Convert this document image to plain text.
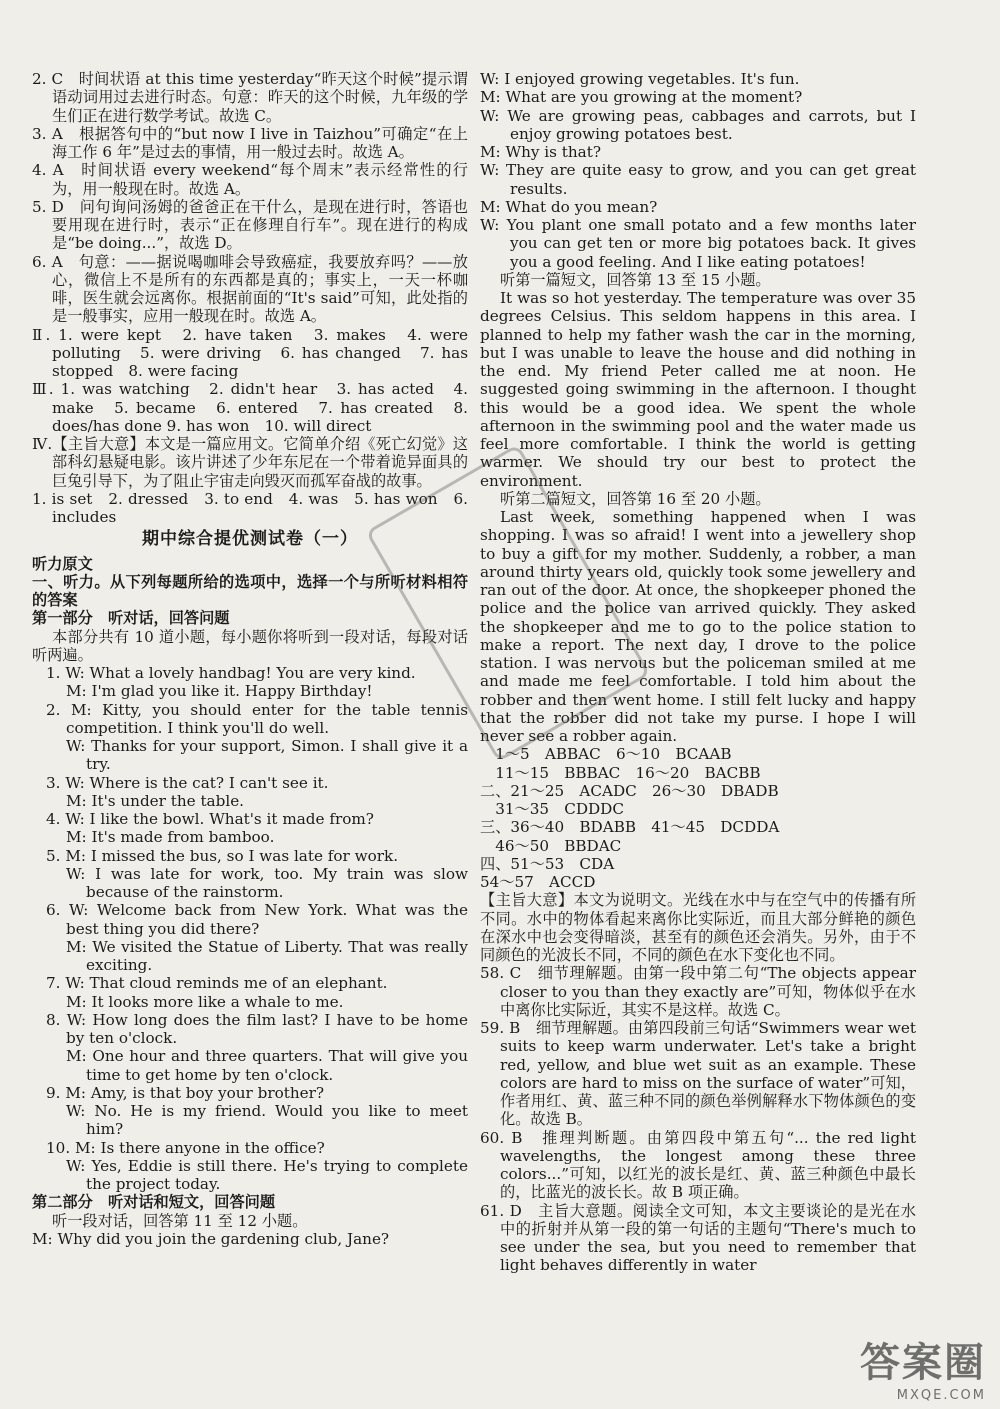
2. C　时间状语 at this time yesterday“昨天这个时候”提示谓语动词用过去进行时态。句意：昨天的这个时候，九年级的学生们正在进行数学考试。故选 C。

3. A　根据答句中的“but now I live in Taizhou”可确定“在上海工作 6 年”是过去的事情，用一般过去时。故选 A。

4. A　时间状语 every weekend“每个周末”表示经常性的行为，用一般现在时。故选 A。

5. D　问句询问汤姆的爸爸正在干什么，是现在进行时，答语也要用现在进行时，表示“正在修理自行车”。现在进行的构成是“be doing...”，故选 D。

6. A　句意：——据说喝咖啡会导致癌症，我要放弃吗？——放心，微信上不是所有的东西都是真的；事实上，一天一杯咖啡，医生就会远离你。根据前面的“It's said”可知，此处指的是一般事实，应用一般现在时。故选 A。

Ⅱ. 1. were kept　2. have taken　3. makes　4. were polluting　5. were driving　6. has changed　7. has stopped　8. were facing

Ⅲ. 1. was watching　2. didn't hear　3. has acted　4. make　5. became　6. entered　7. has created　8. does/has done 9. has won　10. will direct

Ⅳ.【主旨大意】本文是一篇应用文。它简单介绍《死亡幻觉》这部科幻悬疑电影。该片讲述了少年东尼在一个带着诡异面具的巨兔引导下，为了阻止宇宙走向毁灭而孤军奋战的故事。

1. is set　2. dressed　3. to end　4. was　5. has won　6. includes

期中综合提优测试卷（一）

听力原文

一、听力。从下列每题所给的选项中，选择一个与所听材料相符的答案

第一部分　听对话，回答问题

本部分共有 10 道小题，每小题你将听到一段对话，每段对话听两遍。

1. W: What a lovely handbag! You are very kind.

M: I'm glad you like it. Happy Birthday!

2. M: Kitty, you should enter for the table tennis competition. I think you'll do well.

W: Thanks for your support, Simon. I shall give it a try.

3. W: Where is the cat? I can't see it.

M: It's under the table.

4. W: I like the bowl. What's it made from?

M: It's made from bamboo.

5. M: I missed the bus, so I was late for work.

W: I was late for work, too. My train was slow because of the rainstorm.

6. W: Welcome back from New York. What was the best thing you did there?

M: We visited the Statue of Liberty. That was really exciting.

7. W: That cloud reminds me of an elephant.

M: It looks more like a whale to me.

8. W: How long does the film last? I have to be home by ten o'clock.

M: One hour and three quarters. That will give you time to get home by ten o'clock.

9. M: Amy, is that boy your brother?

W: No. He is my friend. Would you like to meet him?

10. M: Is there anyone in the office?

W: Yes, Eddie is still there. He's trying to complete the project today.

第二部分　听对话和短文，回答问题

听一段对话，回答第 11 至 12 小题。

M: Why did you join the gardening club, Jane?

W: I enjoyed growing vegetables. It's fun.

M: What are you growing at the moment?

W: We are growing peas, cabbages and carrots, but I enjoy growing potatoes best.

M: Why is that?

W: They are quite easy to grow, and you can get great results.

M: What do you mean?

W: You plant one small potato and a few months later you can get ten or more big potatoes back. It gives you a good feeling. And I like eating potatoes!

听第一篇短文，回答第 13 至 15 小题。

It was so hot yesterday. The temperature was over 35 degrees Celsius. This seldom happens in this area. I planned to help my father wash the car in the morning, but I was unable to leave the house and did nothing in the end. My friend Peter called me at noon. He suggested going swimming in the afternoon. I thought this would be a good idea. We spent the whole afternoon in the swimming pool and the water made us feel more comfortable. I think the world is getting warmer. We should try our best to protect the environment.

听第二篇短文，回答第 16 至 20 小题。

Last week, something happened when I was shopping. I was so afraid! I went into a jewellery shop to buy a gift for my mother. Suddenly, a robber, a man around thirty years old, quickly took some jewellery and ran out of the door. At once, the shopkeeper phoned the police and the police van arrived quickly. They asked the shopkeeper and me to go to the police station to make a report. The next day, I drove to the police station. I was nervous but the policeman smiled at me and made me feel comfortable. I told him about the robber and then went home. I still felt lucky and happy that the robber did not take my purse. I hope I will never see a robber again.

　1～5　ABBAC　6～10　BCAAB

　11～15　BBBAC　16～20　BACBB

二、21～25　ACADC　26～30　DBADB

　31～35　CDDDC

三、36～40　BDABB　41～45　DCDDA

　46～50　BBDAC

四、51～53　CDA

54～57　ACCD

【主旨大意】本文为说明文。光线在水中与在空气中的传播有所不同。水中的物体看起来离你比实际近，而且大部分鲜艳的颜色在深水中也会变得暗淡，甚至有的颜色还会消失。另外，由于不同颜色的光波长不同，不同的颜色在水下变化也不同。

58. C　细节理解题。由第一段中第二句“The objects appear closer to you than they exactly are”可知，物体似乎在水中离你比实际近，其实不是这样。故选 C。

59. B　细节理解题。由第四段前三句话“Swimmers wear wet suits to keep warm underwater. Let's take a bright red, yellow, and blue wet suit as an example. These colors are hard to miss on the surface of water”可知，作者用红、黄、蓝三种不同的颜色举例解释水下物体颜色的变化。故选 B。

60. B　推理判断题。由第四段中第五句“... the red light wavelengths, the longest among these three colors...”可知，以红光的波长是红、黄、蓝三种颜色中最长的，比蓝光的波长长。故 B 项正确。

61. D　主旨大意题。阅读全文可知，本文主要谈论的是光在水中的折射并从第一段的第一句话的主题句“There's much to see under the sea, but you need to remember that light behaves differently in water

答案圈
MXQE.COM
